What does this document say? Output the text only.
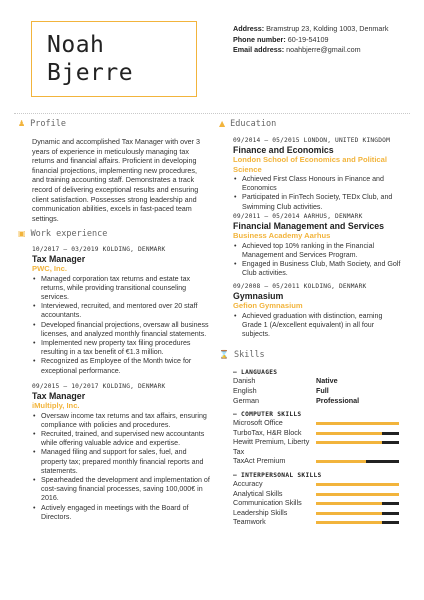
Noah
Bjerre
Address: Bramstrup 23, Kolding 1003, Denmark
Phone number: 60-19-54109
Email address: noahbjerre@gmail.com
♟ Profile
Dynamic and accomplished Tax Manager with over 3 years of experience in meticulously managing tax returns and financial affairs. Proficient in developing financial projections, implementing new procedures, and training accounting staff. Demonstrates a track record of delivering exceptional results and ensuring client satisfaction. Possesses strong leadership and communication abilities, excels in fast-paced team settings.
▣ Work experience
10/2017 – 03/2019 KOLDING, DENMARK
Tax Manager
PWC, Inc.
• Managed corporation tax returns and estate tax returns, while providing transitional counseling services.
• Interviewed, recruited, and mentored over 20 staff accountants.
• Developed financial projections, oversaw all business licenses, and analyzed monthly financial statements.
• Implemented new property tax filing procedures resulting in a tax benefit of €1.3 million.
• Recognized as Employee of the Month twice for exceptional performance.
09/2015 – 10/2017 KOLDING, DENMARK
Tax Manager
iMultiply, Inc.
• Oversaw income tax returns and tax affairs, ensuring compliance with policies and procedures.
• Recruited, trained, and supervised new accountants while offering valuable advice and expertise.
• Managed filing and support for sales, fuel, and property tax; prepared monthly financial reports and statements.
• Spearheaded the development and implementation of cost-saving financial processes, saving 100,000€ in 2016.
• Actively engaged in meetings with the Board of Directors.
▲ Education
09/2014 – 05/2015 LONDON, UNITED KINGDOM
Finance and Economics
London School of Economics and Political Science
• Achieved First Class Honours in Finance and Economics
• Participated in FinTech Society, TEDx Club, and Swimming Club activities.
09/2011 – 05/2014 AARHUS, DENMARK
Financial Management and Services
Business Academy Aarhus
• Achieved top 10% ranking in the Financial Management and Services Program.
• Engaged in Business Club, Math Society, and Golf Club activities.
09/2008 – 05/2011 KOLDING, DENMARK
Gymnasium
Gefion Gymnasium
• Achieved graduation with distinction, earning Grade 1 (A/excellent equivalent) in all four subjects.
⌛ Skills
– LANGUAGES
Danish	Native
English	Full
German	Professional
– COMPUTER SKILLS
Microsoft Office
TurboTax, H&R Block
Hewitt Premium, Liberty Tax
TaxAct Premium
– INTERPERSONAL SKILLS
Accuracy
Analytical Skills
Communication Skills
Leadership Skills
Teamwork
